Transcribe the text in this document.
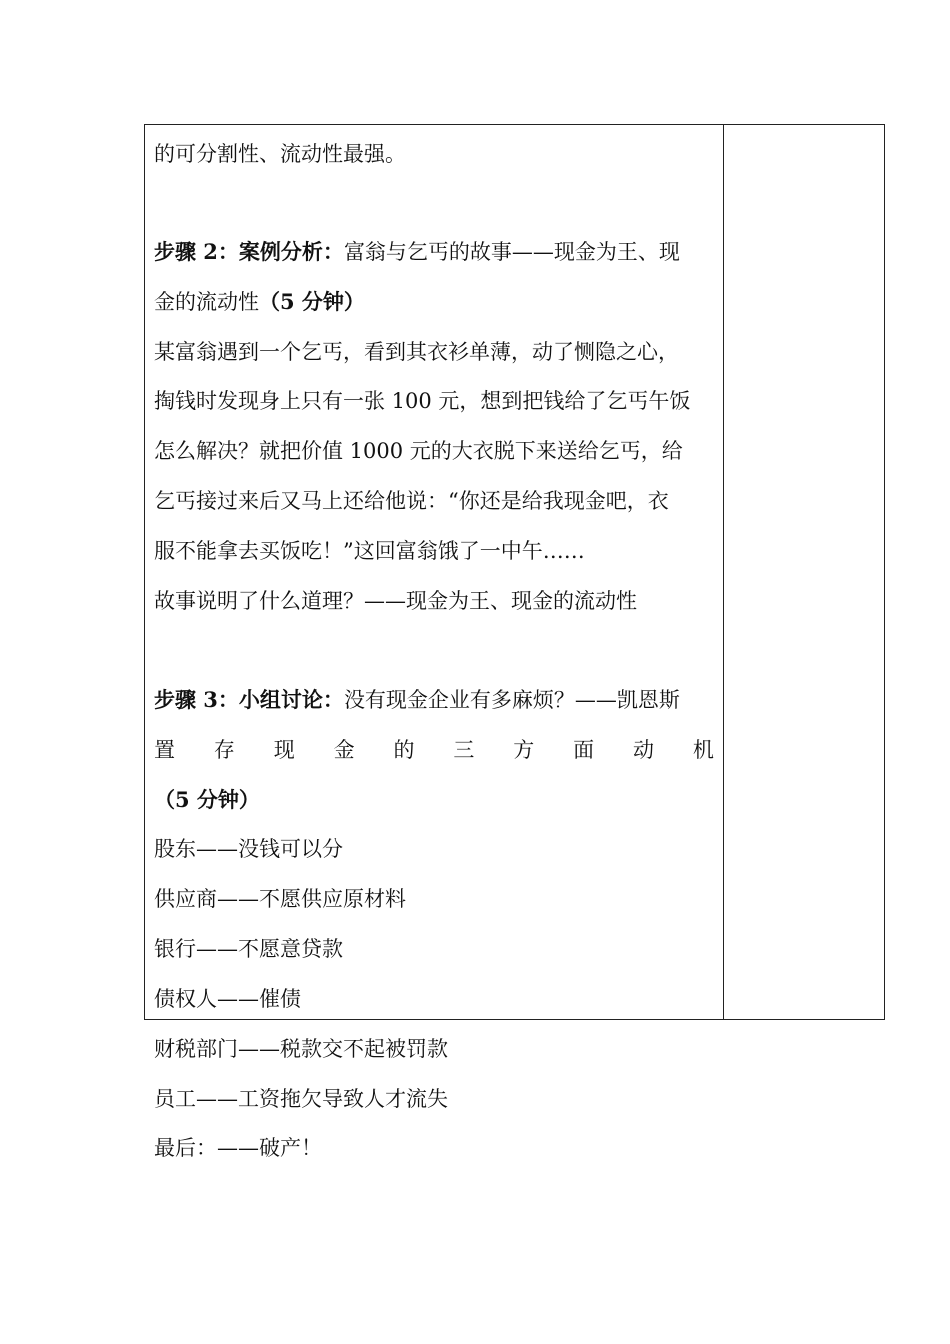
的可分割性、流动性最强。
步骤 2：案例分析：富翁与乞丐的故事——现金为王、现
金的流动性（5 分钟）
某富翁遇到一个乞丐，看到其衣衫单薄，动了恻隐之心，
掏钱时发现身上只有一张 100 元，想到把钱给了乞丐午饭
怎么解决？就把价值 1000 元的大衣脱下来送给乞丐，给
乞丐接过来后又马上还给他说：“你还是给我现金吧，衣
服不能拿去买饭吃！”这回富翁饿了一中午……
故事说明了什么道理？——现金为王、现金的流动性
步骤 3：小组讨论：没有现金企业有多麻烦？——凯恩斯
置 存 现 金 的 三 方 面 动 机
（5 分钟）
股东——没钱可以分
供应商——不愿供应原材料
银行——不愿意贷款
债权人——催债
财税部门——税款交不起被罚款
员工——工资拖欠导致人才流失
最后：——破产！
